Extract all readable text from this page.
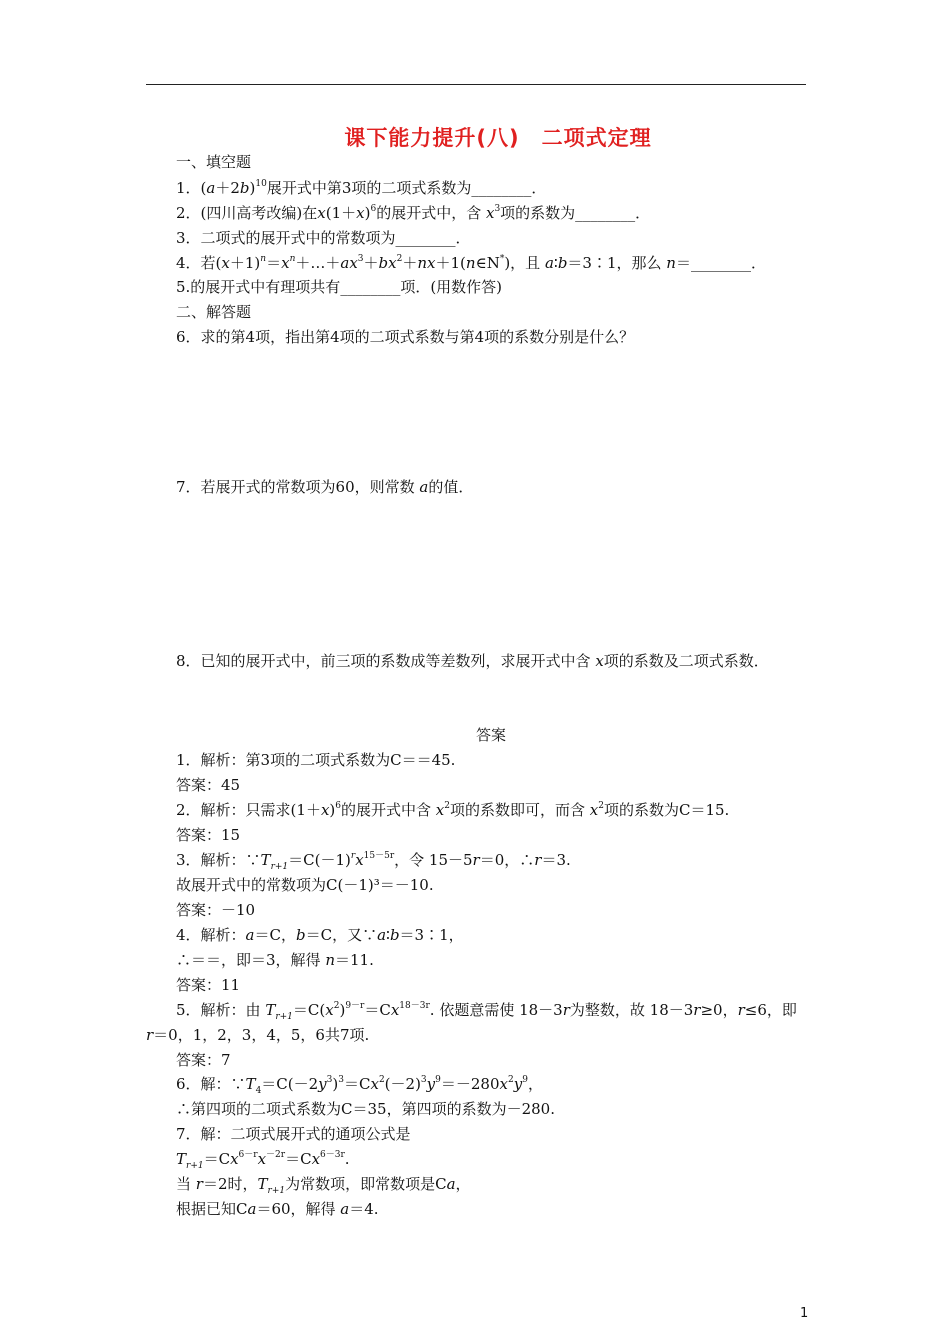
课下能力提升(八)　二项式定理
一、填空题
1．$(a+2b)^{10}$展开式中第3项的二项式系数为________．
2．(四川高考改编)在$x(1+x)^6$的展开式中，含 $x^3$项的系数为________．
3．二项式的展开式中的常数项为________．
4．若$(x+1)^n=x^n+\dots+ax^3+bx^2+nx+1(n\in N^*)$，且 a∶b＝3∶1，那么 n＝________．
5.的展开式中有理项共有________项．(用数作答)
二、解答题
6．求的第4项，指出第4项的二项式系数与第4项的系数分别是什么？
7．若展开式的常数项为60，则常数 a的值．
8．已知的展开式中，前三项的系数成等差数列，求展开式中含 x项的系数及二项式系数．
答案
1．解析：第3项的二项式系数为C＝＝45.
答案：45
2．解析：只需求$(1+x)^6$的展开式中含 $x^2$项的系数即可，而含 $x^2$项的系数为C＝15.
答案：15
3．解析：$\because T_{r+1}=C(-1)^rx^{15-5r}$，令 15－5r＝0，∴r＝3.
故展开式中的常数项为C(－1)³＝－10.
答案：－10
4．解析：a＝C，b＝C，又∵a∶b＝3∶1，
∴＝＝，即＝3，解得 n＝11.
答案：11
5．解析：由 $T_{r+1}=C(x^2)^{9-r}=Cx^{18-3r}$. 依题意需使 18－3r为整数，故 18－3r≥0，r≤6，即
r＝0，1，2，3，4，5，6共7项.
答案：7
6．解：$\because T_4=C(-2y^3)^3=Cx^2(-2)^3y^9=-280x^2y^9$，
∴第四项的二项式系数为C＝35，第四项的系数为－280.
7．解：二项式展开式的通项公式是
$T_{r+1}=Cx^{6-r}x^{-2r}=Cx^{6-3r}$.
当 r＝2时，$T_{r+1}$为常数项，即常数项是Ca，
根据已知Ca＝60，解得 a＝4.
1
